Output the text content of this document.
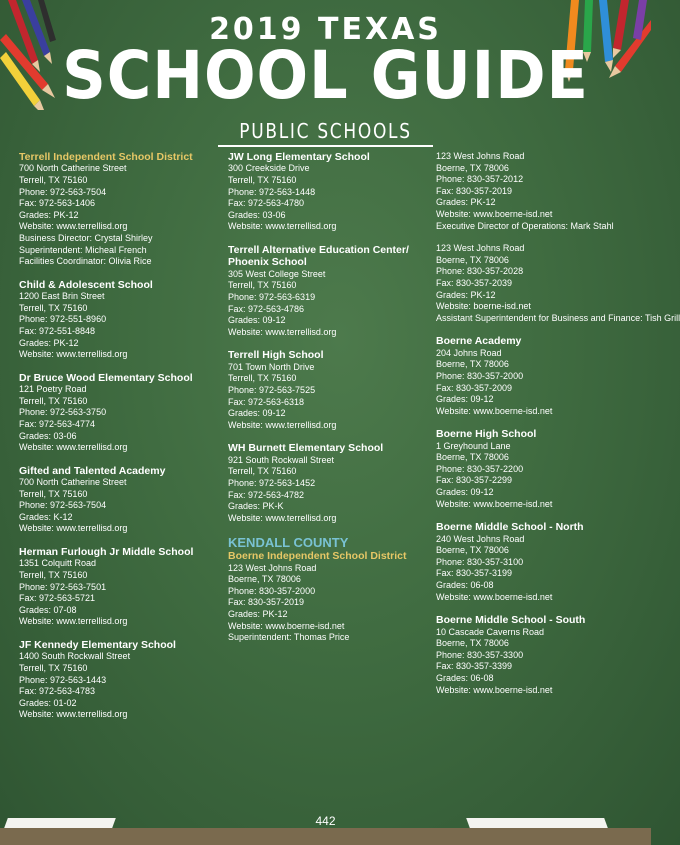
2019 TEXAS
SCHOOL GUIDE
PUBLIC SCHOOLS
Terrell Independent School District
700 North Catherine Street
Terrell, TX 75160
Phone: 972-563-7504
Fax: 972-563-1406
Grades: PK-12
Website: www.terrellisd.org
Business Director: Crystal Shirley
Superintendent: Micheal French
Facilities Coordinator: Olivia Rice
Child & Adolescent School
1200 East Brin Street
Terrell, TX 75160
Phone: 972-551-8960
Fax: 972-551-8848
Grades: PK-12
Website: www.terrellisd.org
Dr Bruce Wood Elementary School
121 Poetry Road
Terrell, TX 75160
Phone: 972-563-3750
Fax: 972-563-4774
Grades: 03-06
Website: www.terrellisd.org
Gifted and Talented Academy
700 North Catherine Street
Terrell, TX 75160
Phone: 972-563-7504
Grades: K-12
Website: www.terrellisd.org
Herman Furlough Jr Middle School
1351 Colquitt Road
Terrell, TX 75160
Phone: 972-563-7501
Fax: 972-563-5721
Grades: 07-08
Website: www.terrellisd.org
JF Kennedy Elementary School
1400 South Rockwall Street
Terrell, TX 75160
Phone: 972-563-1443
Fax: 972-563-4783
Grades: 01-02
Website: www.terrellisd.org
JW Long Elementary School
300 Creekside Drive
Terrell, TX 75160
Phone: 972-563-1448
Fax: 972-563-4780
Grades: 03-06
Website: www.terrellisd.org
Terrell Alternative Education Center/ Phoenix School
305 West College Street
Terrell, TX 75160
Phone: 972-563-6319
Fax: 972-563-4786
Grades: 09-12
Website: www.terrellisd.org
Terrell High School
701 Town North Drive
Terrell, TX 75160
Phone: 972-563-7525
Fax: 972-563-6318
Grades: 09-12
Website: www.terrellisd.org
WH Burnett Elementary School
921 South Rockwall Street
Terrell, TX 75160
Phone: 972-563-1452
Fax: 972-563-4782
Grades: PK-K
Website: www.terrellisd.org
KENDALL COUNTY
Boerne Independent School District
123 West Johns Road
Boerne, TX 78006
Phone: 830-357-2000
Fax: 830-357-2019
Grades: PK-12
Website: www.boerne-isd.net
Superintendent: Thomas Price
123 West Johns Road
Boerne, TX 78006
Phone: 830-357-2012
Fax: 830-357-2019
Grades: PK-12
Website: www.boerne-isd.net
Executive Director of Operations: Mark Stahl
123 West Johns Road
Boerne, TX 78006
Phone: 830-357-2028
Fax: 830-357-2039
Grades: PK-12
Website: boerne-isd.net
Assistant Superintendent for Business and Finance: Tish Grill
Boerne Academy
204 Johns Road
Boerne, TX 78006
Phone: 830-357-2000
Fax: 830-357-2009
Grades: 09-12
Website: www.boerne-isd.net
Boerne High School
1 Greyhound Lane
Boerne, TX 78006
Phone: 830-357-2200
Fax: 830-357-2299
Grades: 09-12
Website: www.boerne-isd.net
Boerne Middle School - North
240 West Johns Road
Boerne, TX 78006
Phone: 830-357-3100
Fax: 830-357-3199
Grades: 06-08
Website: www.boerne-isd.net
Boerne Middle School - South
10 Cascade Caverns Road
Boerne, TX 78006
Phone: 830-357-3300
Fax: 830-357-3399
Grades: 06-08
Website: www.boerne-isd.net
442
